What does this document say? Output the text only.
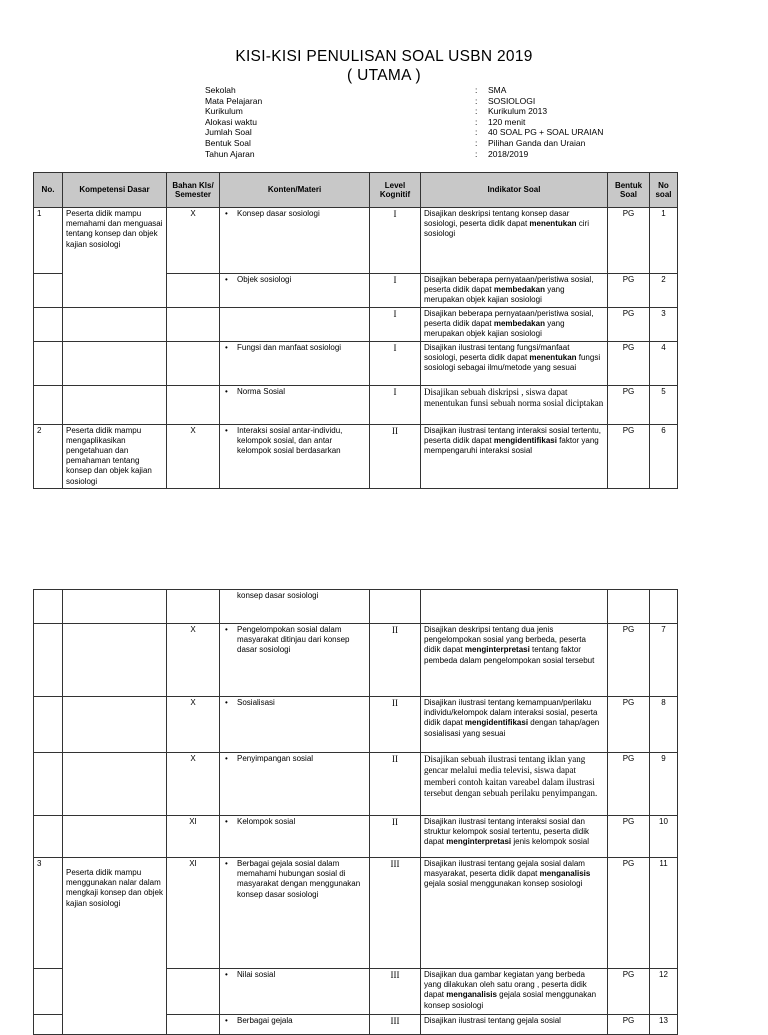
KISI-KISI PENULISAN SOAL USBN 2019
( UTAMA )
Sekolah	: SMA
Mata Pelajaran	: SOSIOLOGI
Kurikulum	: Kurikulum 2013
Alokasi waktu	: 120 menit
Jumlah Soal	: 40 SOAL PG + SOAL URAIAN
Bentuk Soal	: Pilihan Ganda dan Uraian
Tahun Ajaran	: 2018/2019
No.	Kompetensi Dasar	Bahan Kls/ Semester	Konten/Materi	Level Kognitif	Indikator Soal	Bentuk Soal	No soal
1	Peserta didik mampu memahami dan menguasai tentang konsep dan objek kajian sosiologi	X	• Konsep dasar sosiologi	I	Disajikan deskripsi tentang konsep dasar sosiologi, peserta didik dapat menentukan ciri sosiologi	PG	1

			• Objek sosiologi	I	Disajikan beberapa pernyataan/peristiwa sosial, peserta didik dapat membedakan yang merupakan objek kajian sosiologi	PG	2
				I	Disajikan beberapa pernyataan/peristiwa sosial, peserta didik dapat membedakan yang merupakan objek kajian sosiologi	PG	3

			• Fungsi dan manfaat sosiologi	I	Disajikan ilustrasi tentang fungsi/manfaat sosiologi, peserta didik dapat menentukan fungsi sosiologi sebagai ilmu/metode yang sesuai	PG	4

			• Norma Sosial	I	Disajikan sebuah diskripsi , siswa dapat menentukan funsi sebuah norma sosial diciptakan	PG	5
2	Peserta didik mampu mengaplikasikan pengetahuan dan pemahaman tentang konsep dan objek kajian sosiologi	X	• Interaksi sosial antar-individu, kelompok sosial, dan antar kelompok sosial berdasarkan	II	Disajikan ilustrasi tentang interaksi sosial tertentu, peserta didik dapat mengidentifikasi faktor yang mempengaruhi interaksi sosial	PG	6

			konsep dasar sosiologi				

		X	• Pengelompokan sosial dalam masyarakat ditinjau dari konsep dasar sosiologi	II	Disajikan deskripsi tentang dua jenis pengelompokan sosial yang berbeda, peserta didik dapat menginterpretasi tentang faktor pembeda dalam pengelompokan sosial tersebut	PG	7
		X	• Sosialisasi	II	Disajikan ilustrasi tentang kemampuan/perilaku individu/kelompok dalam interaksi sosial, peserta didik dapat mengidentifikasi dengan tahap/agen sosialisasi yang sesuai	PG	8
		X	• Penyimpangan sosial	II	Disajikan sebuah ilustrasi tentang iklan yang gencar melalui media televisi, siswa dapat memberi contoh kaitan vareabel dalam ilustrasi tersebut dengan sebuah perilaku penyimpangan.	PG	9
		XI	• Kelompok sosial	II	Disajikan ilustrasi tentang interaksi sosial dan struktur kelompok sosial tertentu, peserta didik dapat menginterpretasi jenis kelompok sosial	PG	10
3	Peserta didik mampu menggunakan nalar dalam mengkaji konsep dan objek kajian sosiologi	XI	• Berbagai gejala sosial dalam memahami hubungan sosial di masyarakat dengan menggunakan konsep dasar sosiologi	III	Disajikan ilustrasi tentang gejala sosial dalam masyarakat, peserta didik dapat menganalisis gejala sosial menggunakan konsep sosiologi	PG	11

			• Nilai sosial	III	Disajikan dua gambar kegiatan yang berbeda yang dilakukan oleh satu orang , peserta didik dapat menganalisis gejala sosial menggunakan konsep sosiologi	PG	12

			• Berbagai gejala	III	Disajikan ilustrasi tentang gejala sosial	PG	13
